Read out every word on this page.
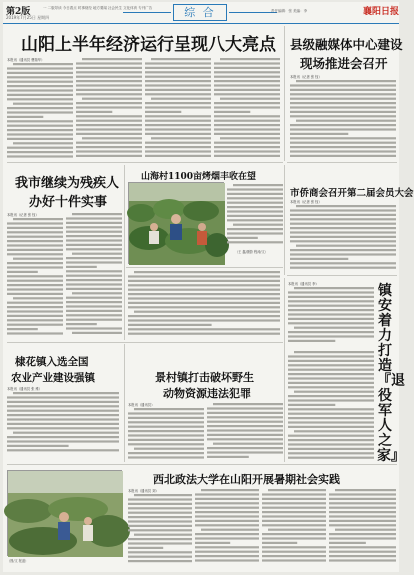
第2版
2019年7月25日 星期四
一 二版导读 今日看点 时事财经 地方要闻 社会民生 文化体育 专刊广告	综 合	责任编辑：张 美编：李	襄阳日报
山阳上半年经济运行呈现八大亮点
本报讯（通讯员 曹瑞华）
县级融媒体中心建设
现场推进会召开
本报讯（记者 张 钰）
我市继续为残疾人
办好十件实事
本报讯（记者 张 钰）
山海村1100亩烤烟丰收在望
（王 鑫/摄影 程涛/文）
市侨商会召开第二届会员大会
本报讯（记者 张 钰）
镇安着力打造『退役军人之家』
本报讯（通讯员 李）
棣花镇入选全国
农业产业建设强镇
本报讯（通讯员 张 维）
景村镇打击破坏野生
动物资源违法犯罪
本报讯（通讯员）
（图/文 报道）
西北政法大学在山阳开展暑期社会实践
本报讯（通讯员 刘）
